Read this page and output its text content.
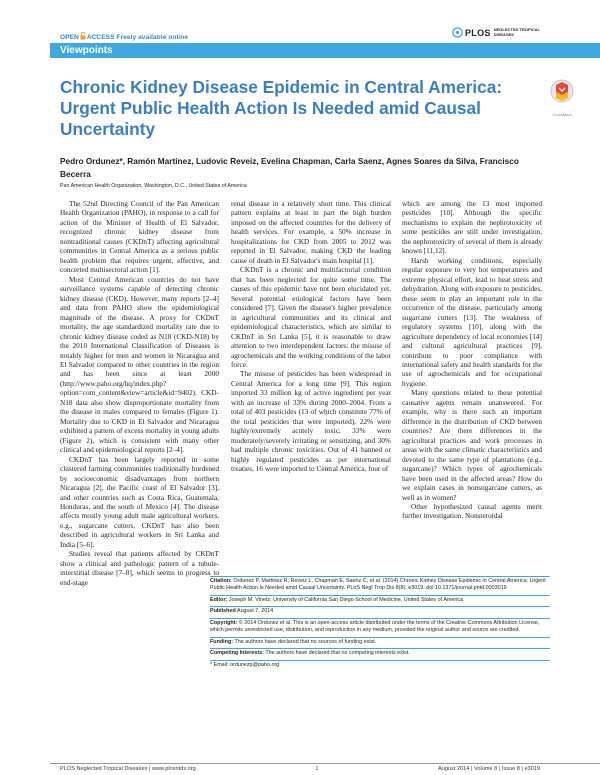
OPEN ACCESS Freely available online	PLOS NEGLECTED TROPICAL DISEASES
Viewpoints
Chronic Kidney Disease Epidemic in Central America: Urgent Public Health Action Is Needed amid Causal Uncertainty
CrossMark
Pedro Ordunez*, Ramón Martinez, Ludovic Reveiz, Evelina Chapman, Carla Saenz, Agnes Soares da Silva, Francisco Becerra
Pan American Health Organization, Washington, D.C., United States of America

The 52nd Directing Council of the Pan American Health Organization (PAHO), in response to a call for action of the Minister of Health of El Salvador, recognized chronic kidney disease from nontraditional causes (CKDnT) affecting agricultural communities in Central America as a serious public health problem that requires urgent, effective, and concerted multisectoral action [1].

Most Central American countries do not have surveillance systems capable of detecting chronic kidney disease (CKD). However, many reports [2–4] and data from PAHO show the epidemiological magnitude of the disease. A proxy for CKDnT mortality, the age standardized mortality rate due to chronic kidney disease coded as N18 (CKD-N18) by the 2010 International Classification of Diseases is notably higher for men and women in Nicaragua and El Salvador compared to other countries in the region and has been since at least 2000 (http://www.paho.org/hq/index.php?option=com_content&view=article&id=9402). CKD-N18 data also show disproportionate mortality from the disease in males compared to females (Figure 1). Mortality due to CKD in El Salvador and Nicaragua exhibited a pattern of excess mortality in young adults (Figure 2), which is consistent with many other clinical and epidemiological reports [2–4].

CKDnT has been largely reported in some clustered farming communities traditionally burdened by socioeconomic disadvantages from northern Nicaragua [2], the Pacific coast of El Salvador [3], and other countries such as Costa Rica, Guatemala, Honduras, and the south of Mexico [4]. The disease affects mostly young adult male agricultural workers, e.g., sugarcane cutters. CKDnT has also been described in agricultural workers in Sri Lanka and India [5–6].

Studies reveal that patients affected by CKDnT show a clinical and pathologic pattern of a tubule-interstitial disease [7–8], which seems to progress to end-stage

renal disease in a relatively short time. This clinical pattern explains at least in part the high burden imposed on the affected countries for the delivery of health services. For example, a 50% increase in hospitalizations for CKD from 2005 to 2012 was reported in El Salvador, making CKD the leading cause of death in El Salvador's main hospital [1].

CKDnT is a chronic and multifactorial condition that has been neglected for quite some time. The causes of this epidemic have not been elucidated yet. Several potential etiological factors have been considered [7]. Given the disease's higher prevalence in agricultural communities and its clinical and epidemiological characteristics, which are similar to CKDnT in Sri Lanka [5], it is reasonable to draw attention to two interdependent factors: the misuse of agrochemicals and the working conditions of the labor force.

The misuse of pesticides has been widespread in Central America for a long time [9]. This region imported 33 million kg of active ingredient per year with an increase of 33% during 2000–2004. From a total of 403 pesticides (13 of which constitute 77% of the total pesticides that were imported), 22% were highly/extremely acutely toxic, 33% were moderately/severely irritating or sensitizing, and 30% had multiple chronic toxicities. Out of 41 banned or highly regulated pesticides as per international treaties, 16 were imported to Central America, four of

which are among the 13 most imported pesticides [10]. Although the specific mechanisms to explain the nephrotoxicity of some pesticides are still under investigation, the nephrotoxicity of several of them is already known [11,12].

Harsh working conditions, especially regular exposure to very hot temperatures and extreme physical effort, lead to heat stress and dehydration. Along with exposure to pesticides, these seem to play an important role in the occurrence of the disease, particularly among sugarcane cutters [13]. The weakness of regulatory systems [10], along with the agriculture dependency of local economies [14] and cultural agricultural practices [9], contribute to poor compliance with international safety and health standards for the use of agrochemicals and for occupational hygiene.

Many questions related to these potential causative agents remain unanswered. For example, why is there such an important difference in the distribution of CKD between countries? Are there differences in the agricultural practices and work processes in areas with the same climatic characteristics and devoted to the same type of plantations (e.g., sugarcane)? Which types of agrochemicals have been used in the affected areas? How do we explain cases in nonsugarcane cutters, as well as in women?

Other hypothesized causal agents merit further investigation. Nonsteroidal

Citation: Ordunez P, Martinez R, Reveiz L, Chapman E, Saenz C, et al. (2014) Chronic Kidney Disease Epidemic in Central America: Urgent Public Health Action Is Needed amid Causal Uncertainty. PLoS Negl Trop Dis 8(8): e3019. doi:10.1371/journal.pntd.0003019
Editor: Joseph M. Vinetz, University of California San Diego School of Medicine, United States of America
Published August 7, 2014
Copyright: © 2014 Ordunez et al. This is an open-access article distributed under the terms of the Creative Commons Attribution License, which permits unrestricted use, distribution, and reproduction in any medium, provided the original author and source are credited.
Funding: The authors have declared that no sources of funding exist.
Competing Interests: The authors have declared that no competing interests exist.
* Email: ordunezp@paho.org
PLOS Neglected Tropical Diseases | www.plosntds.org	1	August 2014 | Volume 8 | Issue 8 | e3019
